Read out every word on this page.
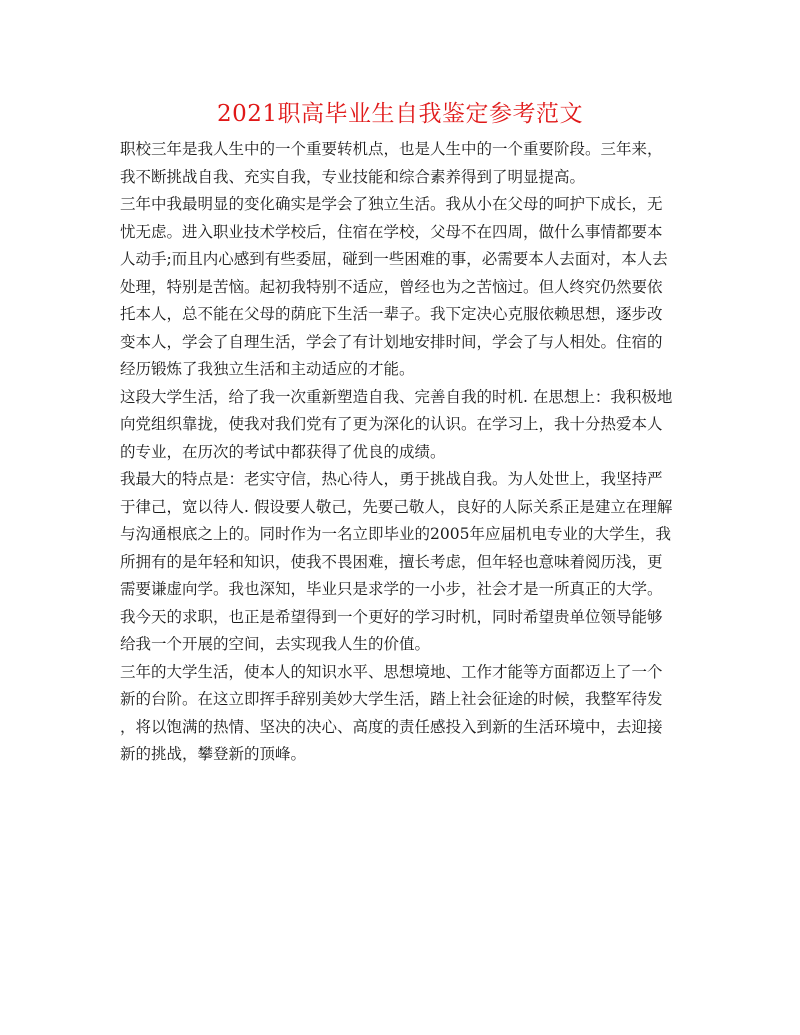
2021职高毕业生自我鉴定参考范文

职校三年是我人生中的一个重要转机点，也是人生中的一个重要阶段。三年来，

我不断挑战自我、充实自我，专业技能和综合素养得到了明显提高。

三年中我最明显的变化确实是学会了独立生活。我从小在父母的呵护下成长，无

忧无虑。进入职业技术学校后，住宿在学校，父母不在四周，做什么事情都要本

人动手;而且内心感到有些委屈，碰到一些困难的事，必需要本人去面对，本人去

处理，特别是苦恼。起初我特别不适应，曾经也为之苦恼过。但人终究仍然要依

托本人，总不能在父母的荫庇下生活一辈子。我下定决心克服依赖思想，逐步改

变本人，学会了自理生活，学会了有计划地安排时间，学会了与人相处。住宿的

经历锻炼了我独立生活和主动适应的才能。

这段大学生活，给了我一次重新塑造自我、完善自我的时机. 在思想上：我积极地

向党组织靠拢，使我对我们党有了更为深化的认识。在学习上，我十分热爱本人

的专业，在历次的考试中都获得了优良的成绩。

我最大的特点是：老实守信，热心待人，勇于挑战自我。为人处世上，我坚持严

于律己，宽以待人. 假设要人敬己，先要己敬人，良好的人际关系正是建立在理解

与沟通根底之上的。同时作为一名立即毕业的2005年应届机电专业的大学生，我

所拥有的是年轻和知识，使我不畏困难，擅长考虑，但年轻也意味着阅历浅，更

需要谦虚向学。我也深知，毕业只是求学的一小步，社会才是一所真正的大学。

我今天的求职，也正是希望得到一个更好的学习时机，同时希望贵单位领导能够

给我一个开展的空间，去实现我人生的价值。

三年的大学生活，使本人的知识水平、思想境地、工作才能等方面都迈上了一个

新的台阶。在这立即挥手辞别美妙大学生活，踏上社会征途的时候，我整军待发

，将以饱满的热情、坚决的决心、高度的责任感投入到新的生活环境中，去迎接

新的挑战，攀登新的顶峰。
